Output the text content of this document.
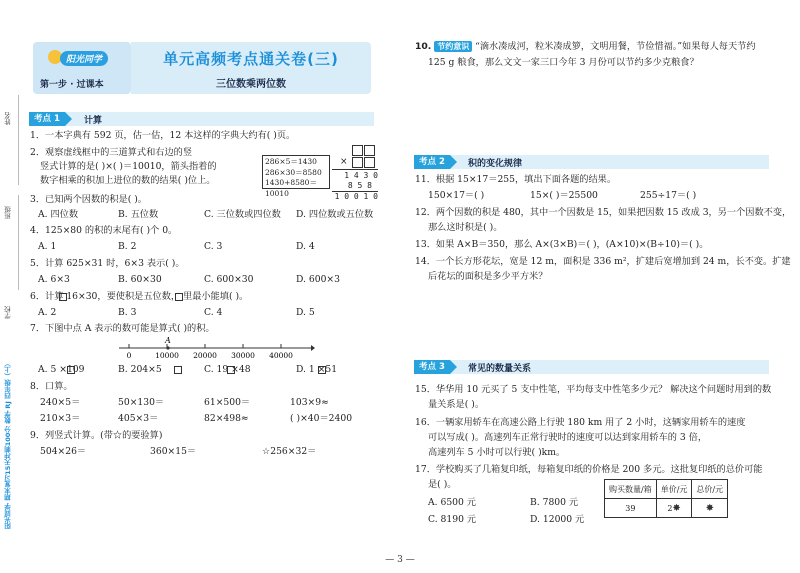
姓名
班级
学校
阳光同学 期末复习15天冲刺100分 数学 RJ 四年级（上）
阳光同学
第一步 · 过课本
单元高频考点通关卷(三)
三位数乘两位数
考点 1	计算
1．一本字典有 592 页，估一估，12 本这样的字典大约有( )页。
2．观察虚线框中的三道算式和右边的竖
竖式计算的是( )×( )＝10010，箭头指着的
数字相乘的积加上进位的数的结果( )位上。
286×5＝1430
286×30＝8580
1430+8580＝10010
×
1 4 3 0
8 5 8
1 0 0 1 0
3．已知两个因数的积是( )。
A. 四位数	B. 五位数	C. 三位数或四位数 D. 四位数或五位数
4．125×80 的积的末尾有( )个 0。
A. 1	B. 2	C. 3	D. 4
5．计算 625×31 时，6×3 表示( )。
A. 6×3	B. 60×30	C. 600×30	D. 600×3
6．计算 16×30，要使积是五位数， 里最小能填( )。
A. 2	B. 3	C. 4	D. 5
7．下图中点 A 表示的数可能是算式( )的积。
0	10000 20000 30000 40000
A
A. 5 ×109	B. 204×5	C. 19 ×48	D. 1 ×51
8．口算。
240×5＝	50×130＝	61×500＝	103×9≈
210×3＝	405×3＝	82×498≈	( )×40＝2400
9．列竖式计算。(带☆的要验算)
504×26＝	360×15＝	☆256×32＝
10. 节约意识 “滴水凑成河，粒米凑成箩，文明用餐，节俭惜福。”如果每人每天节约
125 g 粮食，那么文文一家三口今年 3 月份可以节约多少克粮食？
考点 2	积的变化规律
11．根据 15×17＝255，填出下面各题的结果。
150×17＝( )	15×( )＝25500	255÷17＝( )
12．两个因数的积是 480，其中一个因数是 15，如果把因数 15 改成 3，另一个因数不变，
那么这时积是( )。
13．如果 A×B＝350，那么 A×(3×B)＝( )，(A×10)×(B÷10)＝( )。
14．一个长方形花坛，宽是 12 m，面积是 336 m²，扩建后宽增加到 24 m，长不变。扩建
后花坛的面积是多少平方米？
考点 3	常见的数量关系
15．华华用 10 元买了 5 支中性笔，平均每支中性笔多少元？ 解决这个问题时用到的数
量关系是( )。
16．一辆家用轿车在高速公路上行驶 180 km 用了 2 小时，这辆家用轿车的速度
可以写成( )。高速列车正常行驶时的速度可以达到家用轿车的 3 倍，
高速列车 5 小时可以行驶( )km。
17．学校购买了几箱复印纸，每箱复印纸的价格是 200 多元。这批复印纸的总价可能
是( )。
A. 6500 元	B. 7800 元
C. 8190 元	D. 12000 元
购买数量/箱	单价/元	总价/元
39	2✸	✸
— 3 —
